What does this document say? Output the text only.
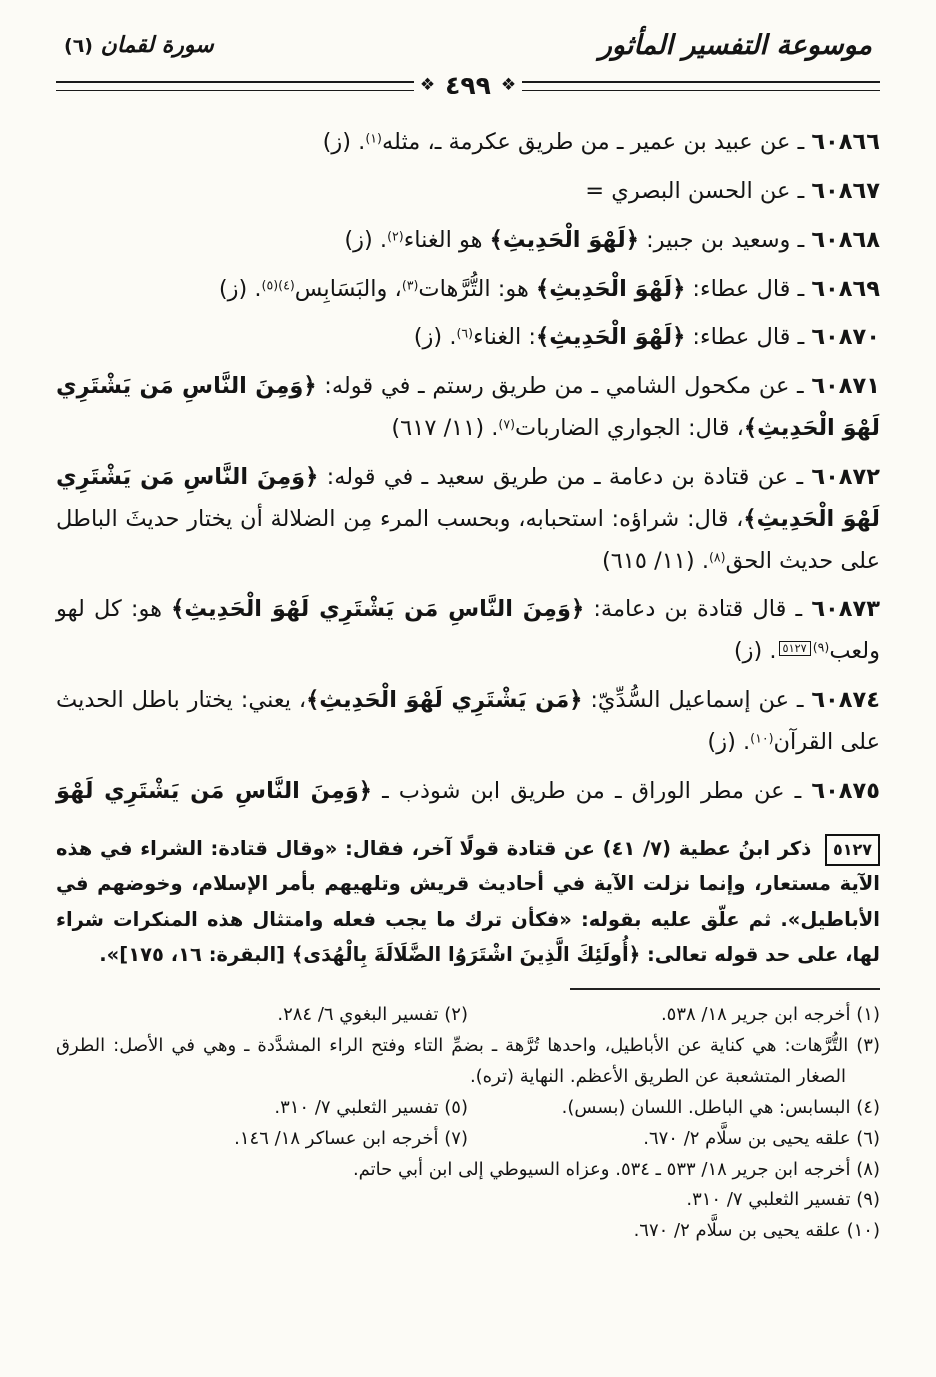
موسوعة التفسير المأثور
سورة لقمان (٦)
❖
٤٩٩
❖

٦٠٨٦٦ ـ عن عبيد بن عمير ـ من طريق عكرمة ـ، مثله$^{(١)}$. (ز)

٦٠٨٦٧ ـ عن الحسن البصري =

٦٠٨٦٨ ـ وسعيد بن جبير: ﴿لَهْوَ الْحَدِيثِ﴾ هو الغناء$^{(٢)}$. (ز)

٦٠٨٦٩ ـ قال عطاء: ﴿لَهْوَ الْحَدِيثِ﴾ هو: التُّرَّهات$^{(٣)}$، والبَسَابِس$^{(٤)(٥)}$. (ز)

٦٠٨٧٠ ـ قال عطاء: ﴿لَهْوَ الْحَدِيثِ﴾: الغناء$^{(٦)}$. (ز)

٦٠٨٧١ ـ عن مكحول الشامي ـ من طريق رستم ـ في قوله: ﴿وَمِنَ النَّاسِ مَن يَشْتَرِي لَهْوَ الْحَدِيثِ﴾، قال: الجواري الضاربات$^{(٧)}$. (١١/ ٦١٧)

٦٠٨٧٢ ـ عن قتادة بن دعامة ـ من طريق سعيد ـ في قوله: ﴿وَمِنَ النَّاسِ مَن يَشْتَرِي لَهْوَ الْحَدِيثِ﴾، قال: شراؤه: استحبابه، وبحسب المرء مِن الضلالة أن يختار حديثَ الباطل على حديث الحق$^{(٨)}$. (١١/ ٦١٥)

٦٠٨٧٣ ـ قال قتادة بن دعامة: ﴿وَمِنَ النَّاسِ مَن يَشْتَرِي لَهْوَ الْحَدِيثِ﴾ هو: كل لهو ولعب$^{(٩)٥١٢٧}$. (ز)

٦٠٨٧٤ ـ عن إسماعيل السُّدِّيّ: ﴿مَن يَشْتَرِي لَهْوَ الْحَدِيثِ﴾، يعني: يختار باطل الحديث على القرآن$^{(١٠)}$. (ز)

٦٠٨٧٥ ـ عن مطر الوراق ـ من طريق ابن شوذب ـ ﴿وَمِنَ النَّاسِ مَن يَشْتَرِي لَهْوَ

٥١٢٧ ذكر ابنُ عطية (٧/ ٤١) عن قتادة قولًا آخر، فقال: «وقال قتادة: الشراء في هذه الآية مستعار، وإنما نزلت الآية في أحاديث قريش وتلهيهم بأمر الإسلام، وخوضهم في الأباطيل». ثم علّق عليه بقوله: «فكأن ترك ما يجب فعله وامتثال هذه المنكرات شراء لها، على حد قوله تعالى: ﴿أُولَئِكَ الَّذِينَ اشْتَرَوُا الضَّلَالَةَ بِالْهُدَى﴾ [البقرة: ١٦، ١٧٥]».
(١) أخرجه ابن جرير ١٨/ ٥٣٨.
(٢) تفسير البغوي ٦/ ٢٨٤.
(٣) التُّرَّهات: هي كناية عن الأباطيل، واحدها تُرَّهة ـ بضمِّ التاء وفتح الراء المشدَّدة ـ وهي في الأصل: الطرق الصغار المتشعبة عن الطريق الأعظم. النهاية (تره).
(٤) البسابس: هي الباطل. اللسان (بسس).
(٥) تفسير الثعلبي ٧/ ٣١٠.
(٦) علقه يحيى بن سلَّام ٢/ ٦٧٠.
(٧) أخرجه ابن عساكر ١٨/ ١٤٦.
(٨) أخرجه ابن جرير ١٨/ ٥٣٣ ـ ٥٣٤. وعزاه السيوطي إلى ابن أبي حاتم.
(٩) تفسير الثعلبي ٧/ ٣١٠.
(١٠) علقه يحيى بن سلَّام ٢/ ٦٧٠.
